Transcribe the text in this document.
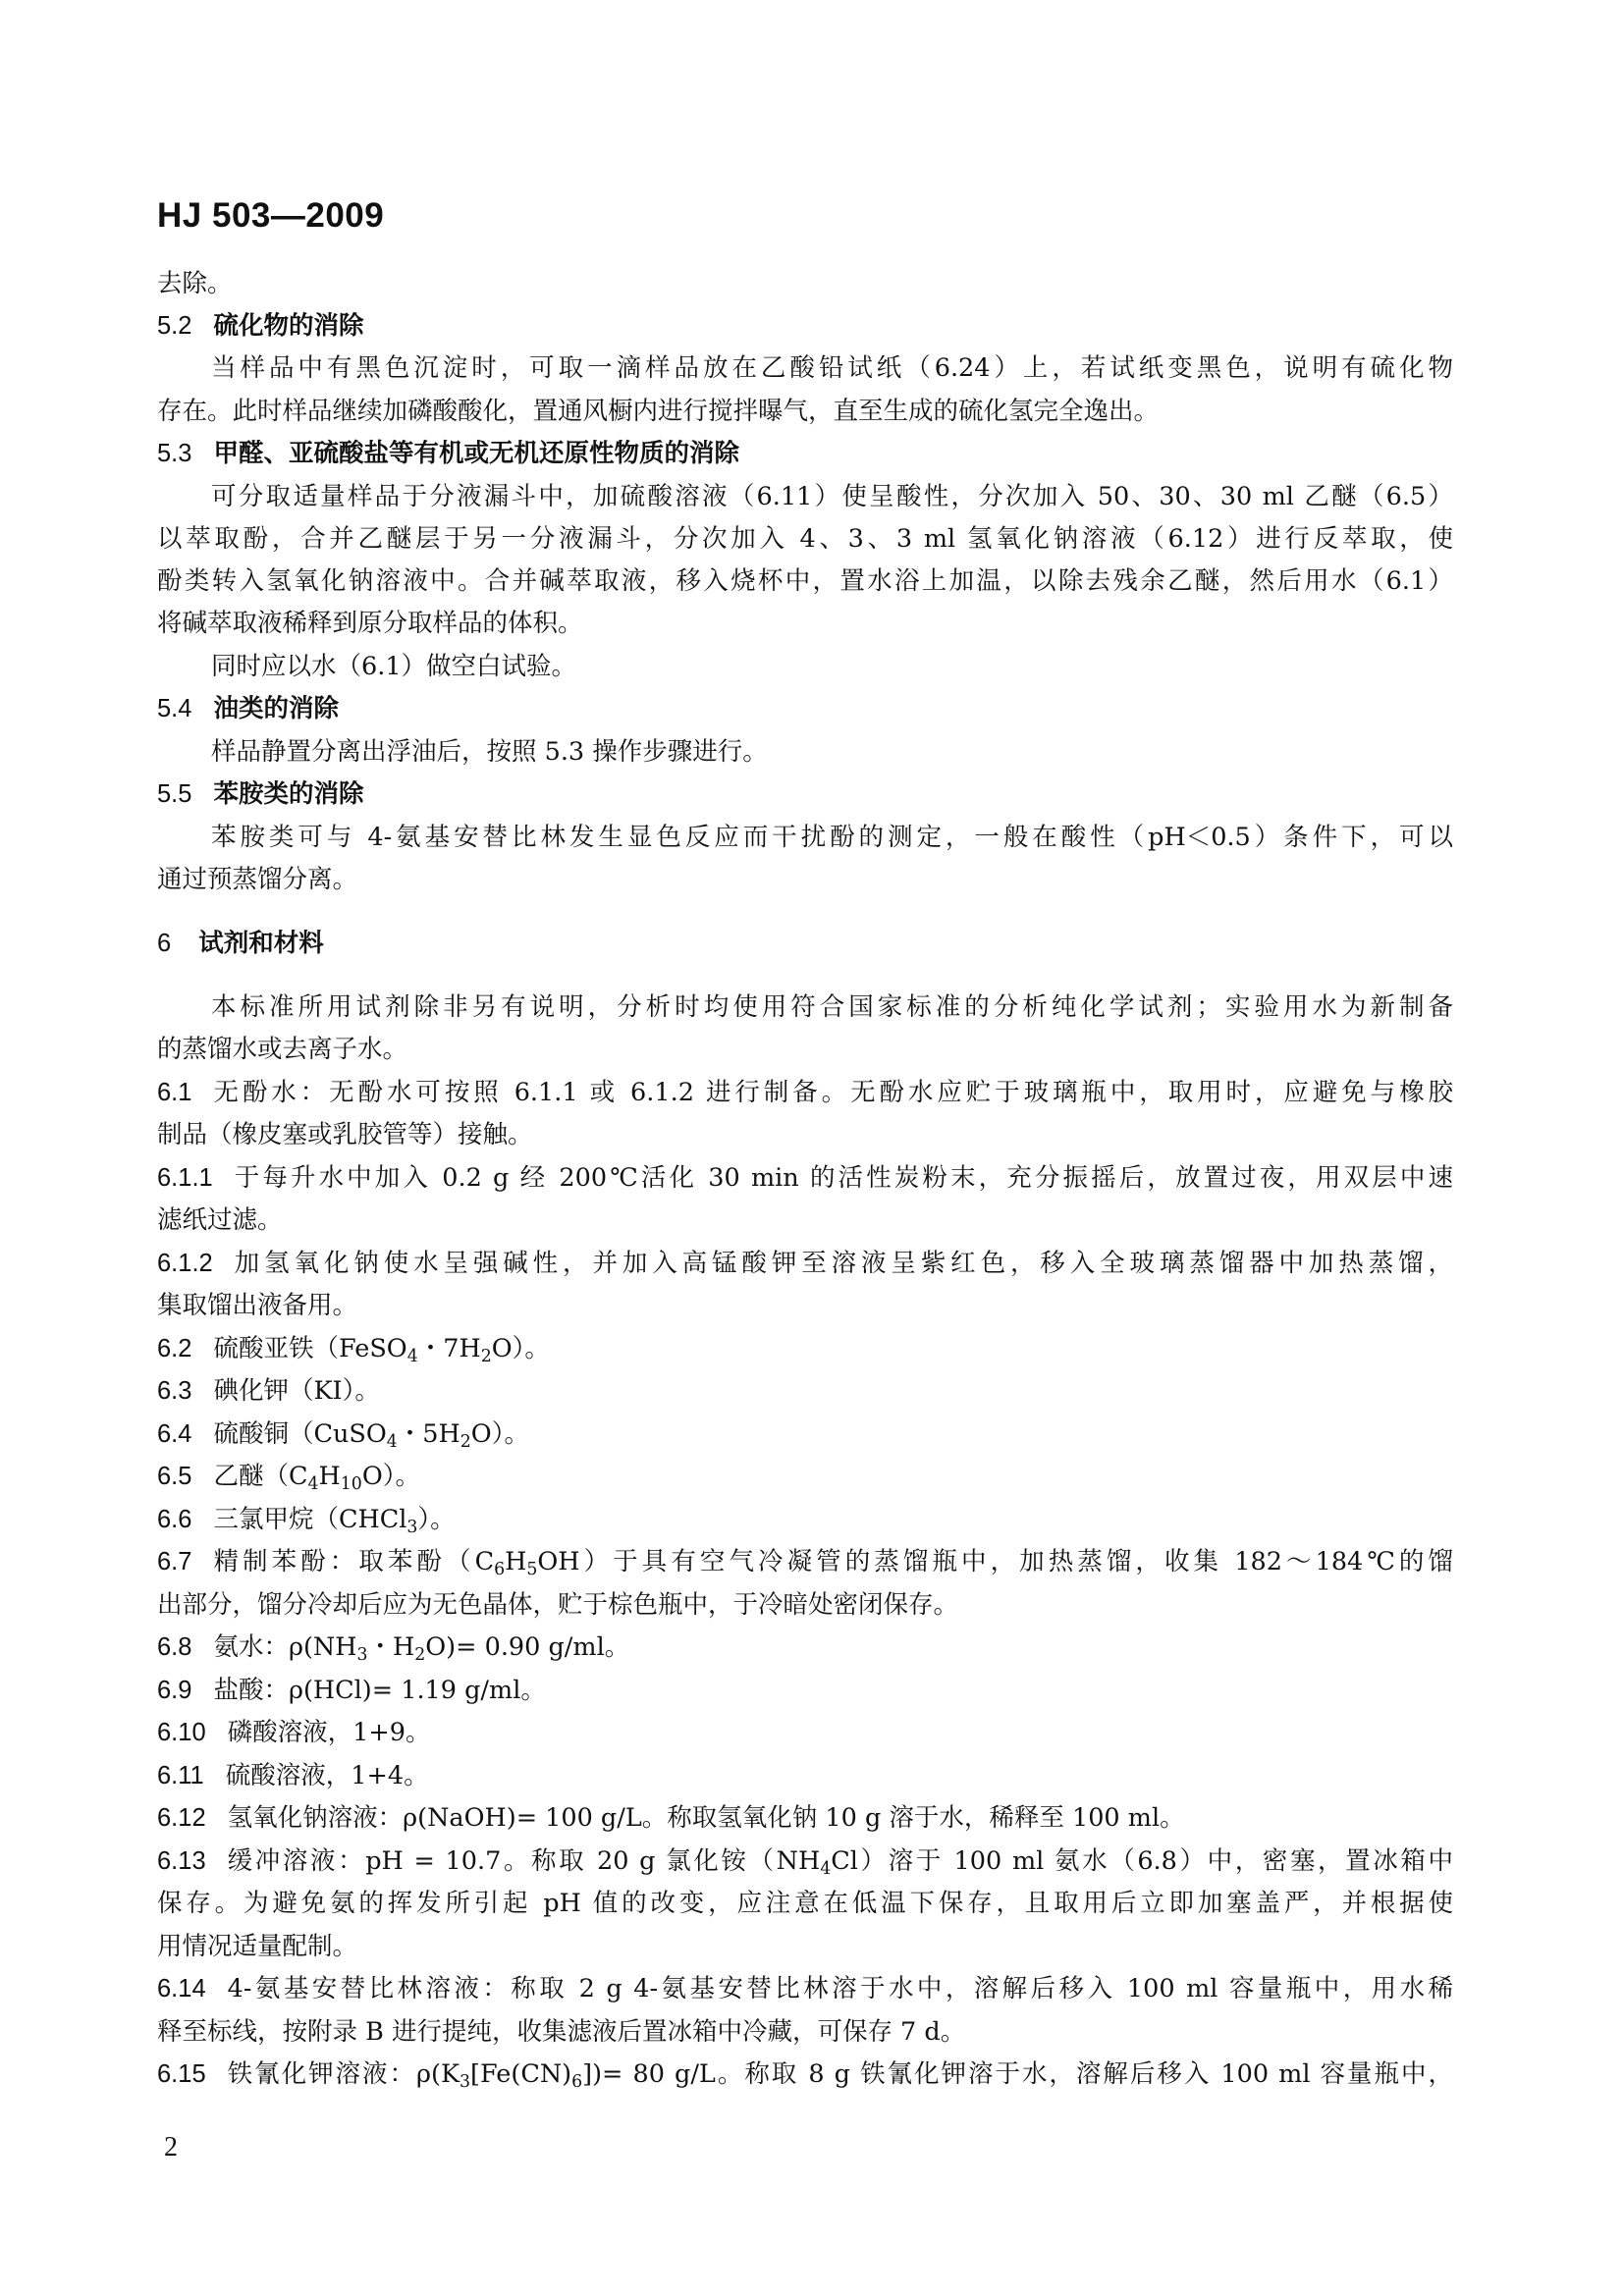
HJ 503—2009
去除。
5.2 硫化物的消除
当样品中有黑色沉淀时，可取一滴样品放在乙酸铅试纸（6.24）上，若试纸变黑色，说明有硫化物
存在。此时样品继续加磷酸酸化，置通风橱内进行搅拌曝气，直至生成的硫化氢完全逸出。
5.3 甲醛、亚硫酸盐等有机或无机还原性物质的消除
可分取适量样品于分液漏斗中，加硫酸溶液（6.11）使呈酸性，分次加入 50、30、30 ml 乙醚（6.5）
以萃取酚，合并乙醚层于另一分液漏斗，分次加入 4、3、3 ml 氢氧化钠溶液（6.12）进行反萃取，使
酚类转入氢氧化钠溶液中。合并碱萃取液，移入烧杯中，置水浴上加温，以除去残余乙醚，然后用水（6.1）
将碱萃取液稀释到原分取样品的体积。
同时应以水（6.1）做空白试验。
5.4 油类的消除
样品静置分离出浮油后，按照 5.3 操作步骤进行。
5.5 苯胺类的消除
苯胺类可与 4-氨基安替比林发生显色反应而干扰酚的测定，一般在酸性（pH＜0.5）条件下，可以
通过预蒸馏分离。
6 试剂和材料
本标准所用试剂除非另有说明，分析时均使用符合国家标准的分析纯化学试剂；实验用水为新制备
的蒸馏水或去离子水。
6.1 无酚水：无酚水可按照 6.1.1 或 6.1.2 进行制备。无酚水应贮于玻璃瓶中，取用时，应避免与橡胶
制品（橡皮塞或乳胶管等）接触。
6.1.1 于每升水中加入 0.2 g 经 200℃活化 30 min 的活性炭粉末，充分振摇后，放置过夜，用双层中速
滤纸过滤。
6.1.2 加氢氧化钠使水呈强碱性，并加入高锰酸钾至溶液呈紫红色，移入全玻璃蒸馏器中加热蒸馏，
集取馏出液备用。
6.2 硫酸亚铁（FeSO$_4$・$7H_2O$）。
6.3 碘化钾（KI）。
6.4 硫酸铜（CuSO$_4$・$5H_2O$）。
6.5 乙醚$(C_4H_{10}O)$。
6.6 三氯甲烷（CHCl$_3$）。
6.7 精制苯酚：取苯酚$(C_6H_5OH)$于具有空气冷凝管的蒸馏瓶中，加热蒸馏，收集 182～184℃的馏
出部分，馏分冷却后应为无色晶体，贮于棕色瓶中，于冷暗处密闭保存。
6.8 氨水：$\rho(NH_3$・$H_2O)= 0.90$ g/ml。
6.9 盐酸：ρ(HCl)= 1.19 g/ml。
6.10 磷酸溶液，1+9。
6.11 硫酸溶液，1+4。
6.12 氢氧化钠溶液：ρ(NaOH)= 100 g/L。称取氢氧化钠 10 g 溶于水，稀释至 100 ml。
6.13 缓冲溶液：pH = 10.7。称取 20 g 氯化铵$(NH_4Cl)$溶于 100 ml 氨水（6.8）中，密塞，置冰箱中
保存。为避免氨的挥发所引起 pH 值的改变，应注意在低温下保存，且取用后立即加塞盖严，并根据使
用情况适量配制。
6.14 4-氨基安替比林溶液：称取 2 g 4-氨基安替比林溶于水中，溶解后移入 100 ml 容量瓶中，用水稀
释至标线，按附录 B 进行提纯，收集滤液后置冰箱中冷藏，可保存 7 d。
6.15 铁氰化钾溶液：$\rho(K_3[Fe(CN)_6])= 80$ g/L。称取 8 g 铁氰化钾溶于水，溶解后移入 100 ml 容量瓶中，
2
